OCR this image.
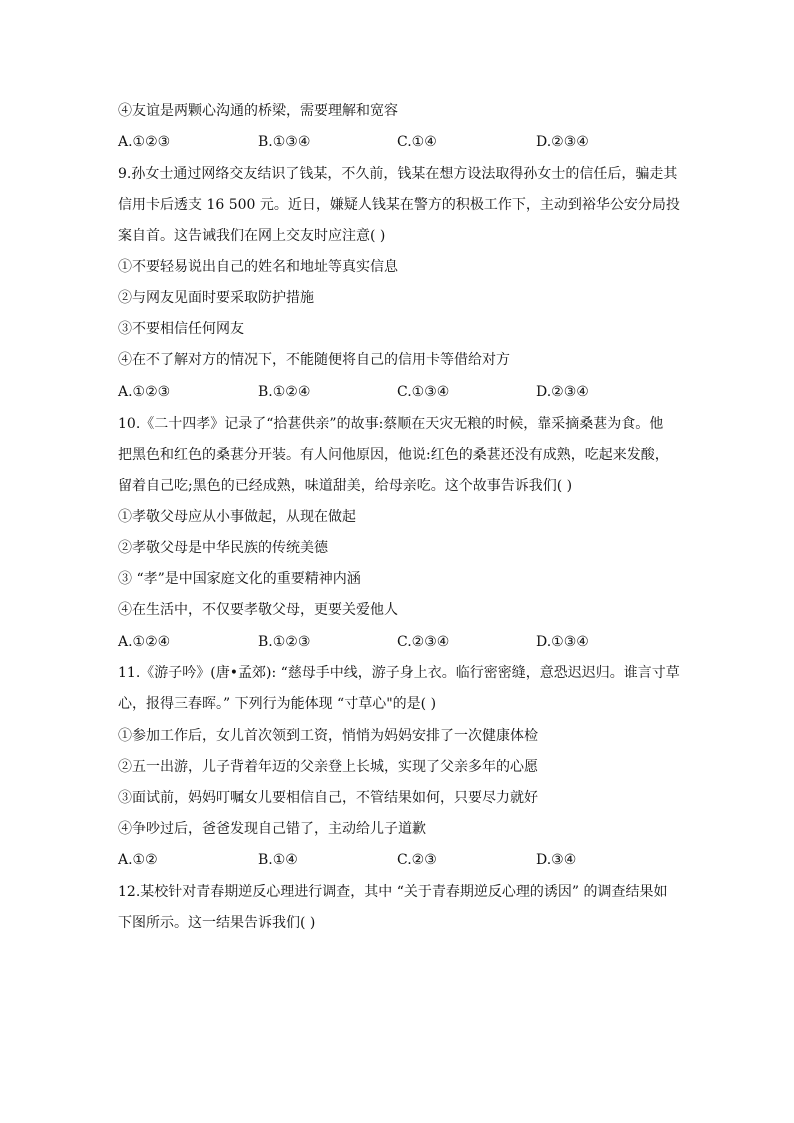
④友谊是两颗心沟通的桥梁，需要理解和宽容
A.①②③	B.①③④	C.①④	D.②③④
9.孙女士通过网络交友结识了钱某，不久前，钱某在想方设法取得孙女士的信任后，骗走其
信用卡后透支 16 500 元。近日，嫌疑人钱某在警方的积极工作下，主动到裕华公安分局投
案自首。这告诫我们在网上交友时应注意( )
①不要轻易说出自己的姓名和地址等真实信息
②与网友见面时要采取防护措施
③不要相信任何网友
④在不了解对方的情况下，不能随便将自己的信用卡等借给对方
A.①②③	B.①②④	C.①③④	D.②③④
10.《二十四孝》记录了“拾葚供亲”的故事:蔡顺在天灾无粮的时候，靠采摘桑葚为食。他
把黑色和红色的桑葚分开装。有人问他原因，他说:红色的桑葚还没有成熟，吃起来发酸，
留着自己吃;黑色的已经成熟，味道甜美，给母亲吃。这个故事告诉我们( )
①孝敬父母应从小事做起，从现在做起
②孝敬父母是中华民族的传统美德
③ “孝”是中国家庭文化的重要精神内涵
④在生活中，不仅要孝敬父母，更要关爱他人
A.①②④	B.①②③	C.②③④	D.①③④
11.《游子吟》(唐•孟郊): “慈母手中线，游子身上衣。临行密密缝，意恐迟迟归。谁言寸草
心，报得三春晖。” 下列行为能体现 “寸草心"的是( )
①参加工作后，女儿首次领到工资，悄悄为妈妈安排了一次健康体检
②五一出游，儿子背着年迈的父亲登上长城，实现了父亲多年的心愿
③面试前，妈妈叮嘱女儿要相信自己，不管结果如何，只要尽力就好
④争吵过后，爸爸发现自己错了，主动给儿子道歉
A.①②	B.①④	C.②③	D.③④
12.某校针对青春期逆反心理进行调查，其中 “关于青春期逆反心理的诱因” 的调查结果如
下图所示。这一结果告诉我们( )
